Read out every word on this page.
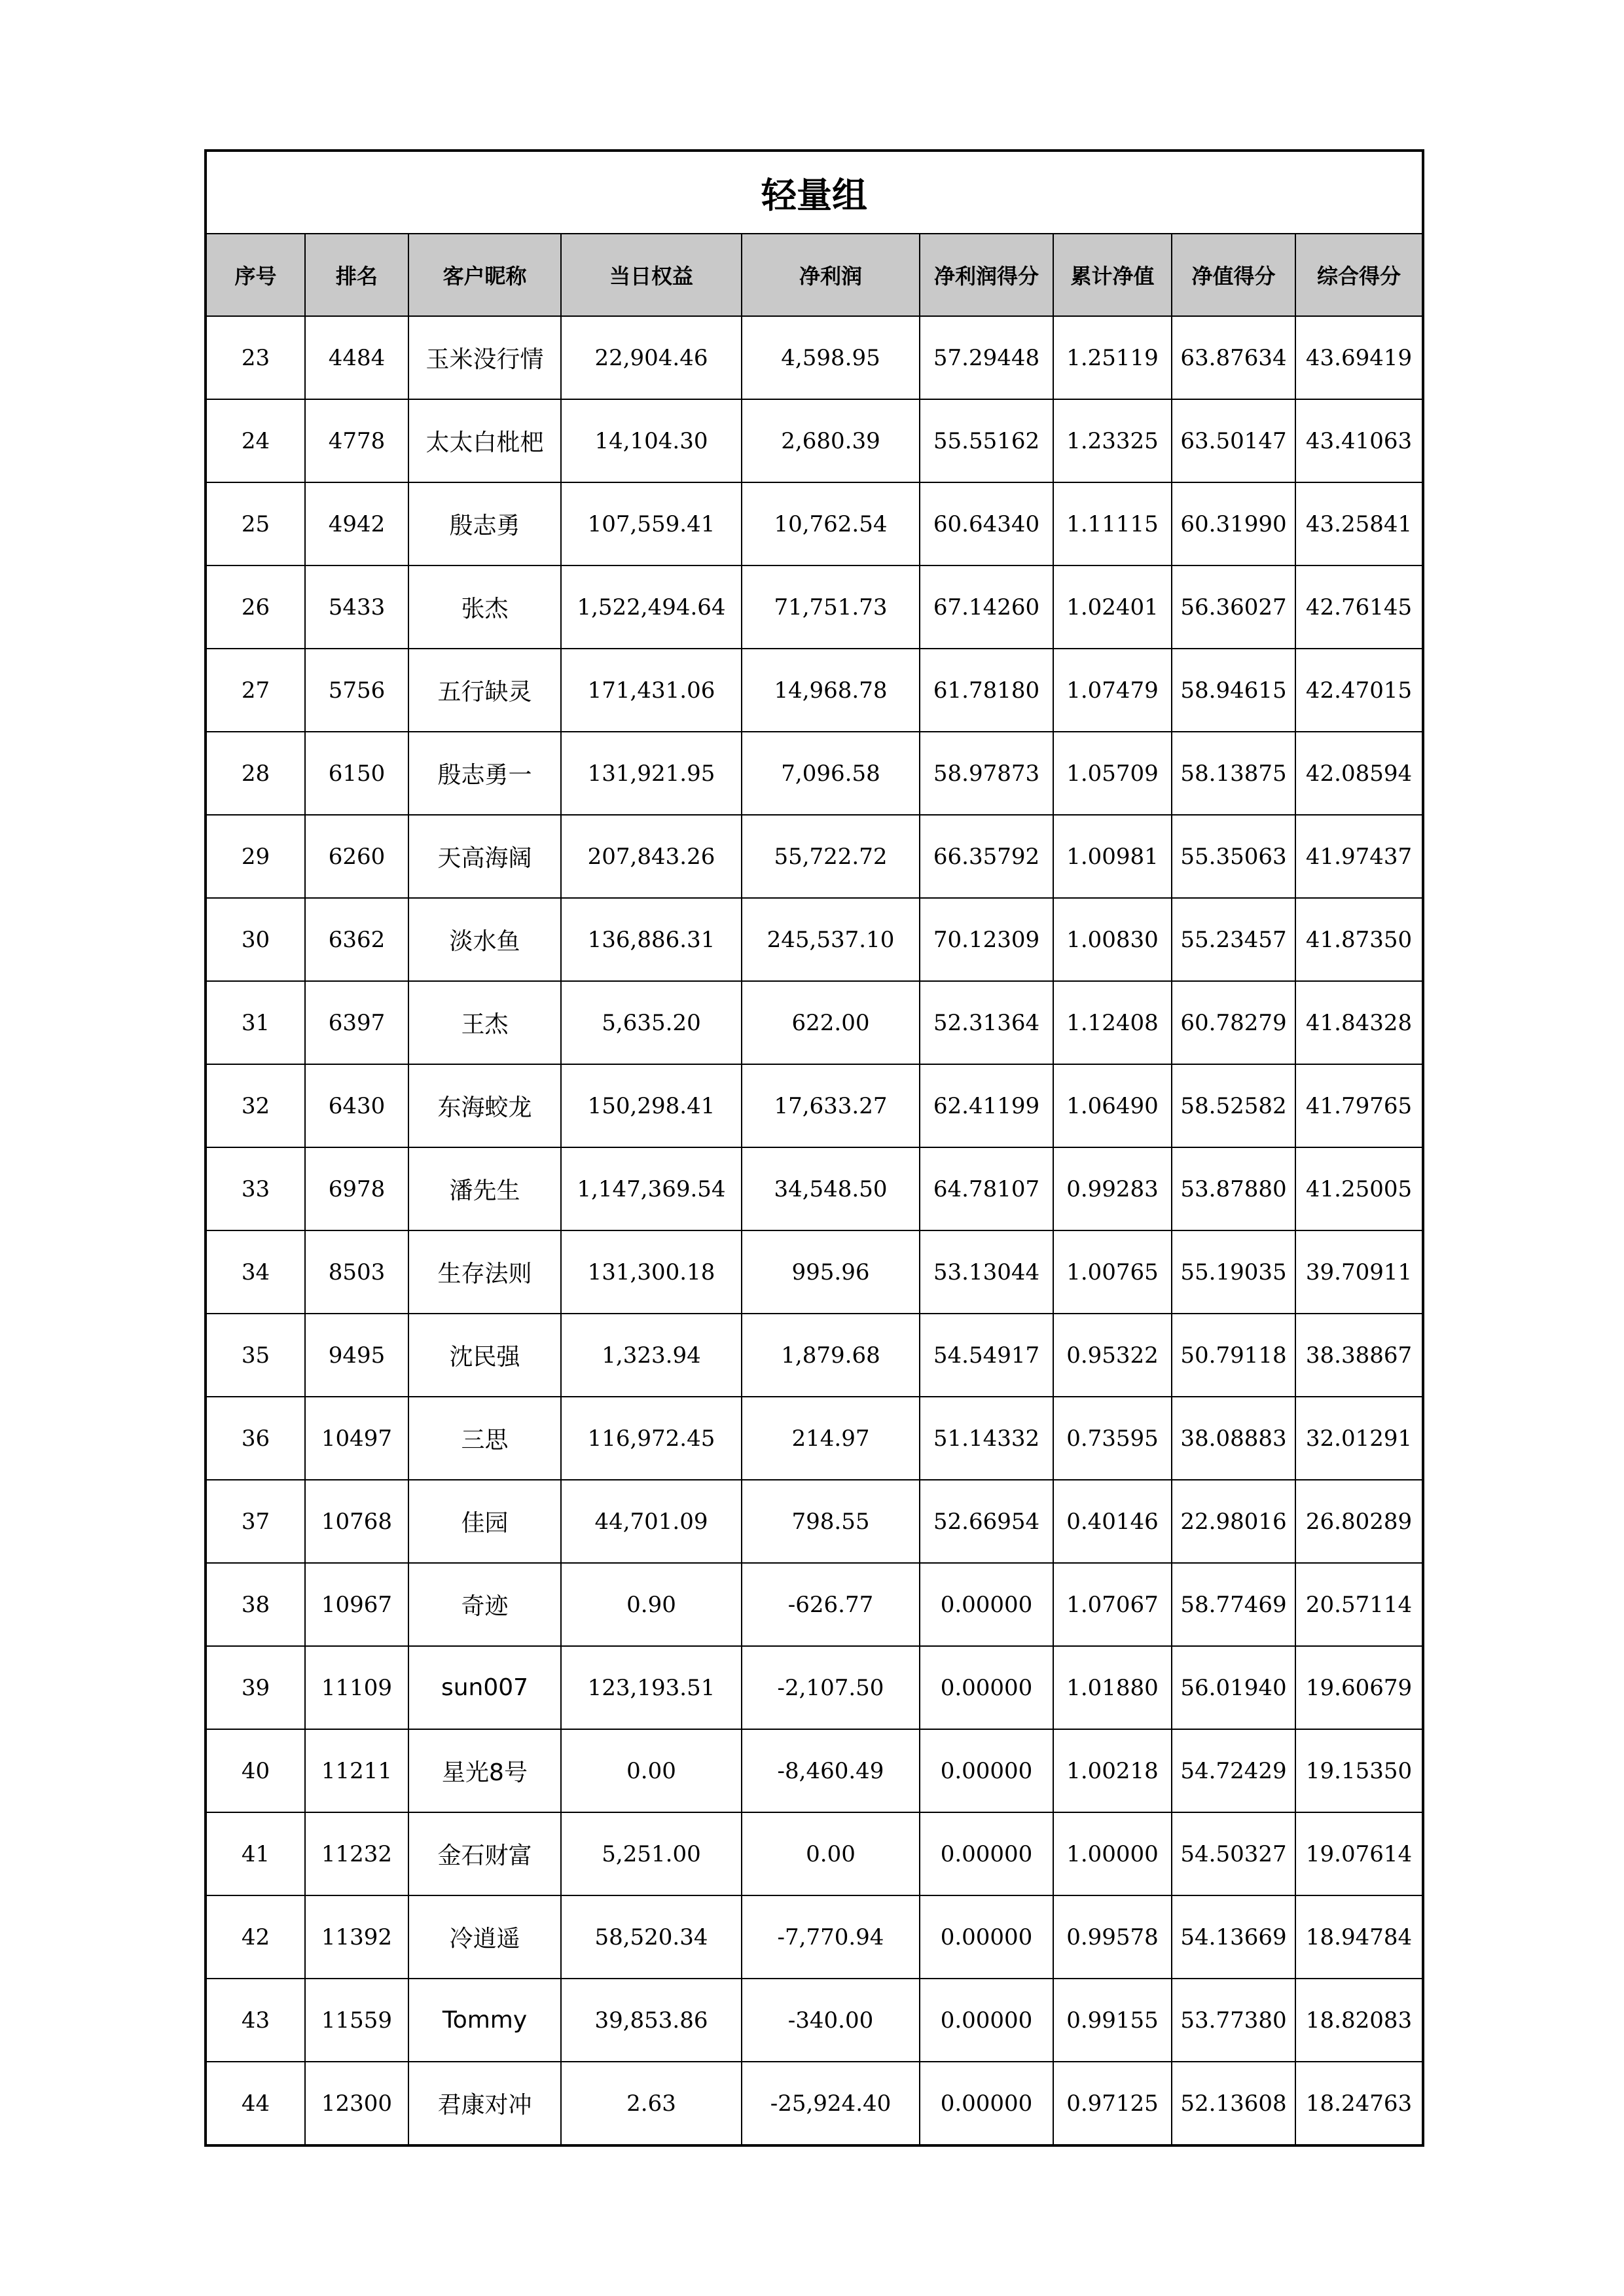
轻量组								
序号	排名	客户昵称	当日权益	净利润	净利润得分	累计净值	净值得分	综合得分
23	4484	玉米没行情	22,904.46	4,598.95	57.29448	1.25119	63.87634	43.69419
24	4778	太太白枇杷	14,104.30	2,680.39	55.55162	1.23325	63.50147	43.41063
25	4942	殷志勇	107,559.41	10,762.54	60.64340	1.11115	60.31990	43.25841
26	5433	张杰	1,522,494.64	71,751.73	67.14260	1.02401	56.36027	42.76145
27	5756	五行缺灵	171,431.06	14,968.78	61.78180	1.07479	58.94615	42.47015
28	6150	殷志勇一	131,921.95	7,096.58	58.97873	1.05709	58.13875	42.08594
29	6260	天高海阔	207,843.26	55,722.72	66.35792	1.00981	55.35063	41.97437
30	6362	淡水鱼	136,886.31	245,537.10	70.12309	1.00830	55.23457	41.87350
31	6397	王杰	5,635.20	622.00	52.31364	1.12408	60.78279	41.84328
32	6430	东海蛟龙	150,298.41	17,633.27	62.41199	1.06490	58.52582	41.79765
33	6978	潘先生	1,147,369.54	34,548.50	64.78107	0.99283	53.87880	41.25005
34	8503	生存法则	131,300.18	995.96	53.13044	1.00765	55.19035	39.70911
35	9495	沈民强	1,323.94	1,879.68	54.54917	0.95322	50.79118	38.38867
36	10497	三思	116,972.45	214.97	51.14332	0.73595	38.08883	32.01291
37	10768	佳园	44,701.09	798.55	52.66954	0.40146	22.98016	26.80289
38	10967	奇迹	0.90	-626.77	0.00000	1.07067	58.77469	20.57114
39	11109	sun007	123,193.51	-2,107.50	0.00000	1.01880	56.01940	19.60679
40	11211	星光8号	0.00	-8,460.49	0.00000	1.00218	54.72429	19.15350
41	11232	金石财富	5,251.00	0.00	0.00000	1.00000	54.50327	19.07614
42	11392	冷逍遥	58,520.34	-7,770.94	0.00000	0.99578	54.13669	18.94784
43	11559	Tommy	39,853.86	-340.00	0.00000	0.99155	53.77380	18.82083
44	12300	君康对冲	2.63	-25,924.40	0.00000	0.97125	52.13608	18.24763
